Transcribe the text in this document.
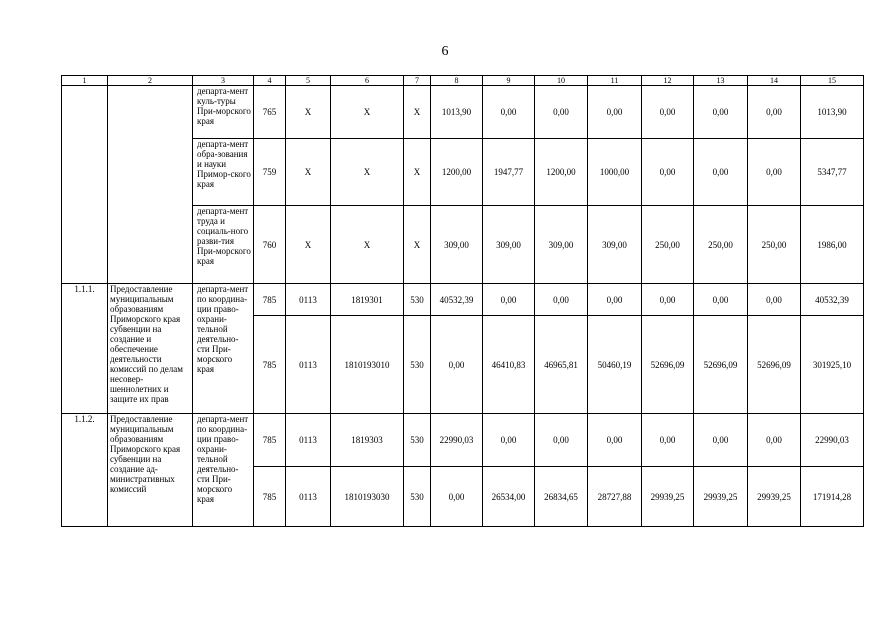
6
1	2	3	4	5	6	7	8	9	10	11	12	13	14	15
		департа-мент куль-туры При-морского края	765	X	X	X	1013,90	0,00	0,00	0,00	0,00	0,00	0,00	1013,90
		департа-мент обра-зования и науки Примор-ского края	759	X	X	X	1200,00	1947,77	1200,00	1000,00	0,00	0,00	0,00	5347,77
		департа-мент труда и социаль-ного разви-тия При-морского края	760	X	X	X	309,00	309,00	309,00	309,00	250,00	250,00	250,00	1986,00
1.1.1.	Предоставление муниципальным образованиям Приморского края субвенции на создание и обеспечение деятельности комиссий по делам несовер-шеннолетних и защите их прав	департа-мент по координа-ции право-охрани-тельной деятельно-сти При-морского края	785	0113	1819301	530	40532,39	0,00	0,00	0,00	0,00	0,00	0,00	40532,39
			785	0113	1810193010	530	0,00	46410,83	46965,81	50460,19	52696,09	52696,09	52696,09	301925,10
1.1.2.	Предоставление муниципальным образованиям Приморского края субвенции на создание ад-министративных комиссий	департа-мент по координа-ции право-охрани-тельной деятельно-сти При-морского края	785	0113	1819303	530	22990,03	0,00	0,00	0,00	0,00	0,00	0,00	22990,03
			785	0113	1810193030	530	0,00	26534,00	26834,65	28727,88	29939,25	29939,25	29939,25	171914,28
